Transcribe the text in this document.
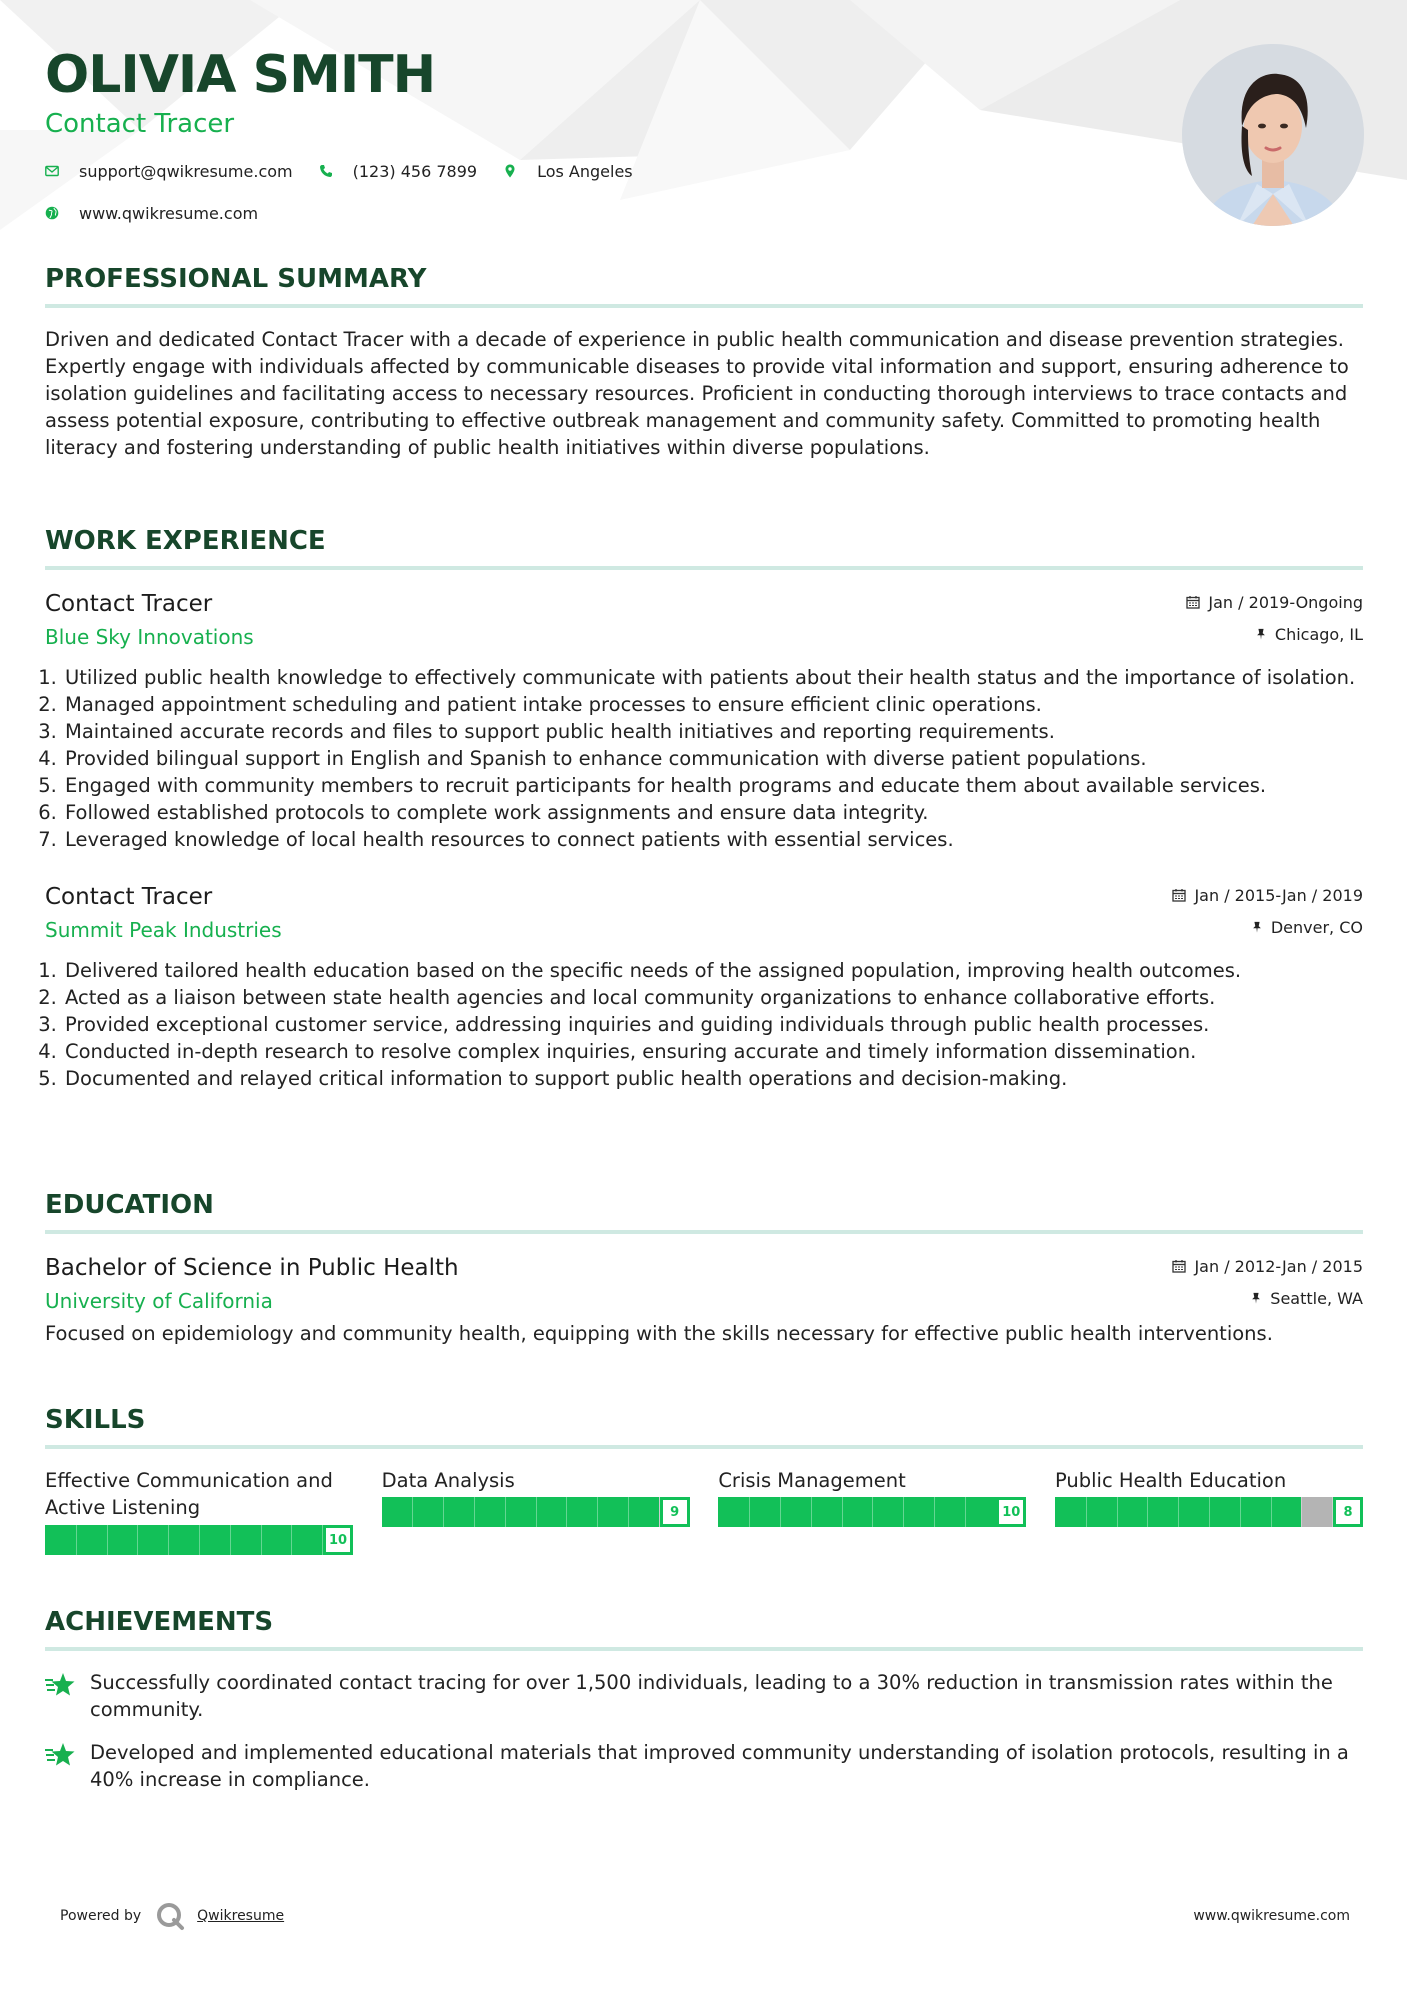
OLIVIA SMITH
Contact Tracer
support@qwikresume.com	(123) 456 7899	Los Angeles
www.qwikresume.com
PROFESSIONAL SUMMARY
Driven and dedicated Contact Tracer with a decade of experience in public health communication and disease prevention strategies. Expertly engage with individuals affected by communicable diseases to provide vital information and support, ensuring adherence to isolation guidelines and facilitating access to necessary resources. Proficient in conducting thorough interviews to trace contacts and assess potential exposure, contributing to effective outbreak management and community safety. Committed to promoting health literacy and fostering understanding of public health initiatives within diverse populations.
WORK EXPERIENCE
Contact Tracer
Blue Sky Innovations
Jan / 2019-Ongoing
Chicago, IL
1. Utilized public health knowledge to effectively communicate with patients about their health status and the importance of isolation.
2. Managed appointment scheduling and patient intake processes to ensure efficient clinic operations.
3. Maintained accurate records and files to support public health initiatives and reporting requirements.
4. Provided bilingual support in English and Spanish to enhance communication with diverse patient populations.
5. Engaged with community members to recruit participants for health programs and educate them about available services.
6. Followed established protocols to complete work assignments and ensure data integrity.
7. Leveraged knowledge of local health resources to connect patients with essential services.
Contact Tracer
Summit Peak Industries
Jan / 2015-Jan / 2019
Denver, CO
1. Delivered tailored health education based on the specific needs of the assigned population, improving health outcomes.
2. Acted as a liaison between state health agencies and local community organizations to enhance collaborative efforts.
3. Provided exceptional customer service, addressing inquiries and guiding individuals through public health processes.
4. Conducted in-depth research to resolve complex inquiries, ensuring accurate and timely information dissemination.
5. Documented and relayed critical information to support public health operations and decision-making.
EDUCATION
Bachelor of Science in Public Health
University of California
Jan / 2012-Jan / 2015
Seattle, WA
Focused on epidemiology and community health, equipping with the skills necessary for effective public health interventions.
SKILLS
Effective Communication and Active Listening
10
Data Analysis
9
Crisis Management
10
Public Health Education
8
ACHIEVEMENTS
Successfully coordinated contact tracing for over 1,500 individuals, leading to a 30% reduction in transmission rates within the community.
Developed and implemented educational materials that improved community understanding of isolation protocols, resulting in a 40% increase in compliance.
Powered by	Qwikresume	www.qwikresume.com
